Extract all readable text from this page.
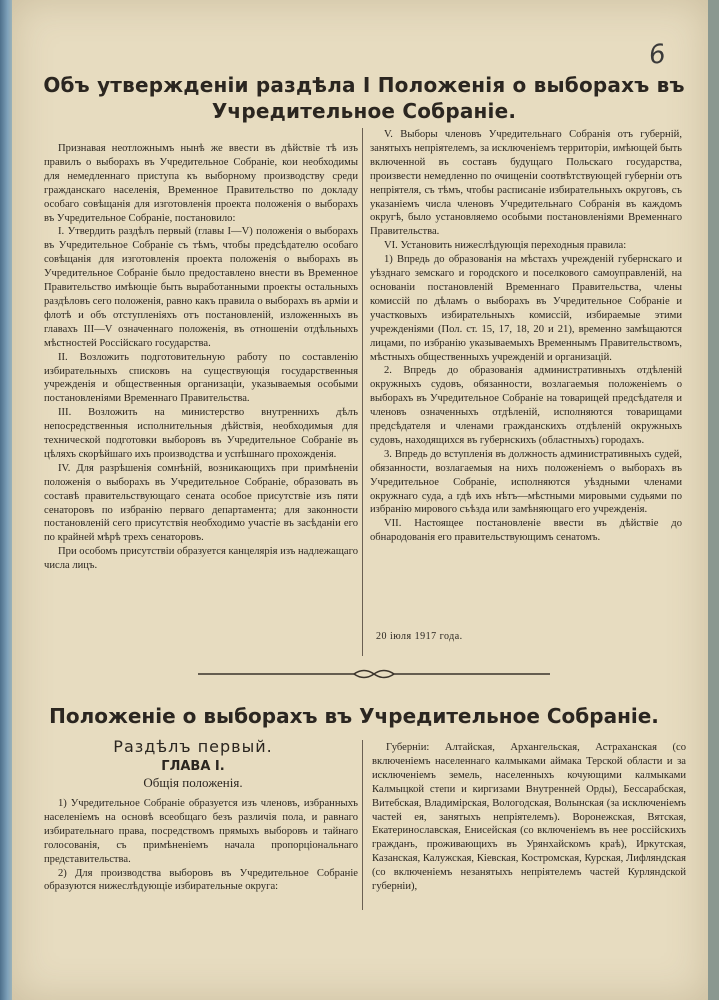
6
Объ утвержденіи раздѣла I Положенія о выборахъ въ Учредительное Собраніе.

Признавая неотложнымъ нынѣ же ввести въ дѣйствіе тѣ изъ правилъ о выборахъ въ Учредительное Собраніе, кои необходимы для немедленнаго приступа къ выборному производству среди гражданскаго населенія, Временное Правительство по докладу особаго совѣщанія для изготовленія проекта положенія о выборахъ въ Учредительное Собраніе, постановило:

I. Утвердить раздѣлъ первый (главы I—V) положенія о выборахъ въ Учредительное Собраніе съ тѣмъ, чтобы предсѣдателю особаго совѣщанія для изготовленія проекта положенія о выборахъ въ Учредительное Собраніе было предоставлено внести въ Временное Правительство имѣющіе быть выработанными проекты остальныхъ раздѣловъ сего положенія, равно какъ правила о выборахъ въ арміи и флотѣ и объ отступленіяхъ отъ постановленій, изложенныхъ въ главахъ III—V означеннаго положенія, въ отношеніи отдѣльныхъ мѣстностей Россійскаго государства.

II. Возложить подготовительную работу по составленію избирательныхъ списковъ на существующія государственныя учрежденія и общественныя организаціи, указываемыя особыми постановленіями Временнаго Правительства.

III. Возложить на министерство внутреннихъ дѣлъ непосредственныя исполнительныя дѣйствія, необходимыя для технической подготовки выборовъ въ Учредительное Собраніе въ цѣляхъ скорѣйшаго ихъ производства и успѣшнаго прохожденія.

IV. Для разрѣшенія сомнѣній, возникающихъ при примѣненіи положенія о выборахъ въ Учредительное Собраніе, образовать въ составѣ правительствующаго сената особое присутствіе изъ пяти сенаторовъ по избранію перваго департамента; для законности постановленій сего присутствія необходимо участіе въ засѣданіи его по крайней мѣрѣ трехъ сенаторовъ.

При особомъ присутствіи образуется канцелярія изъ надлежащаго числа лицъ.

V. Выборы членовъ Учредительнаго Собранія отъ губерній, занятыхъ непріятелемъ, за исключеніемъ территоріи, имѣющей быть включенной въ составъ будущаго Польскаго государства, произвести немедленно по очищеніи соотвѣтствующей губерніи отъ непріятеля, съ тѣмъ, чтобы расписаніе избирательныхъ округовъ, съ указаніемъ числа членовъ Учредительнаго Собранія въ каждомъ округѣ, было установляемо особыми постановленіями Временнаго Правительства.

VI. Установить нижеслѣдующія переходныя правила:

1) Впредь до образованія на мѣстахъ учрежденій губернскаго и уѣзднаго земскаго и городского и поселкового самоуправленій, на основаніи постановленій Временнаго Правительства, члены комиссій по дѣламъ о выборахъ въ Учредительное Собраніе и участковыхъ избирательныхъ комиссій, избираемые этими учрежденіями (Пол. ст. 15, 17, 18, 20 и 21), временно замѣщаются лицами, по избранію указываемыхъ Временнымъ Правительствомъ, мѣстныхъ общественныхъ учрежденій и организацій.

2. Впредь до образованія административныхъ отдѣленій окружныхъ судовъ, обязанности, возлагаемыя положеніемъ о выборахъ въ Учредительное Собраніе на товарищей предсѣдателя и членовъ означенныхъ отдѣленій, исполняются товарищами предсѣдателя и членами гражданскихъ отдѣленій окружныхъ судовъ, находящихся въ губернскихъ (областныхъ) городахъ.

3. Впредь до вступленія въ должность административныхъ судей, обязанности, возлагаемыя на нихъ положеніемъ о выборахъ въ Учредительное Собраніе, исполняются уѣздными членами окружнаго суда, а гдѣ ихъ нѣтъ—мѣстными мировыми судьями по избранію мирового съѣзда или замѣняющаго его учрежденія.

VII. Настоящее постановленіе ввести въ дѣйствіе до обнародованія его правительствующимъ сенатомъ.

20 іюля 1917 года.
Положеніе о выборахъ въ Учредительное Собраніе.
Раздѣлъ первый.
ГЛАВА I.
Общія положенія.

1) Учредительное Собраніе образуется изъ членовъ, избранныхъ населеніемъ на основѣ всеобщаго безъ различія пола, и равнаго избирательнаго права, посредствомъ прямыхъ выборовъ и тайнаго голосованія, съ примѣненіемъ начала пропорціональнаго представительства.

2) Для производства выборовъ въ Учредительное Собраніе образуются нижеслѣдующіе избирательные округа:

Губерніи: Алтайская, Архангельская, Астраханская (со включеніемъ населеннаго калмыками аймака Терской области и за исключеніемъ земель, населенныхъ кочующими калмыками Калмыцкой степи и киргизами Внутренней Орды), Бессарабская, Витебская, Владимірская, Вологодская, Волынская (за исключеніемъ частей ея, занятыхъ непріятелемъ). Воронежская, Вятская, Екатеринославская, Енисейская (со включеніемъ въ нее россійскихъ гражданъ, проживающихъ въ Урянхайскомъ краѣ), Иркутская, Казанская, Калужская, Кіевская, Костромская, Курская, Лифляндская (со включеніемъ незанятыхъ непріятелемъ частей Курляндской губерніи),
